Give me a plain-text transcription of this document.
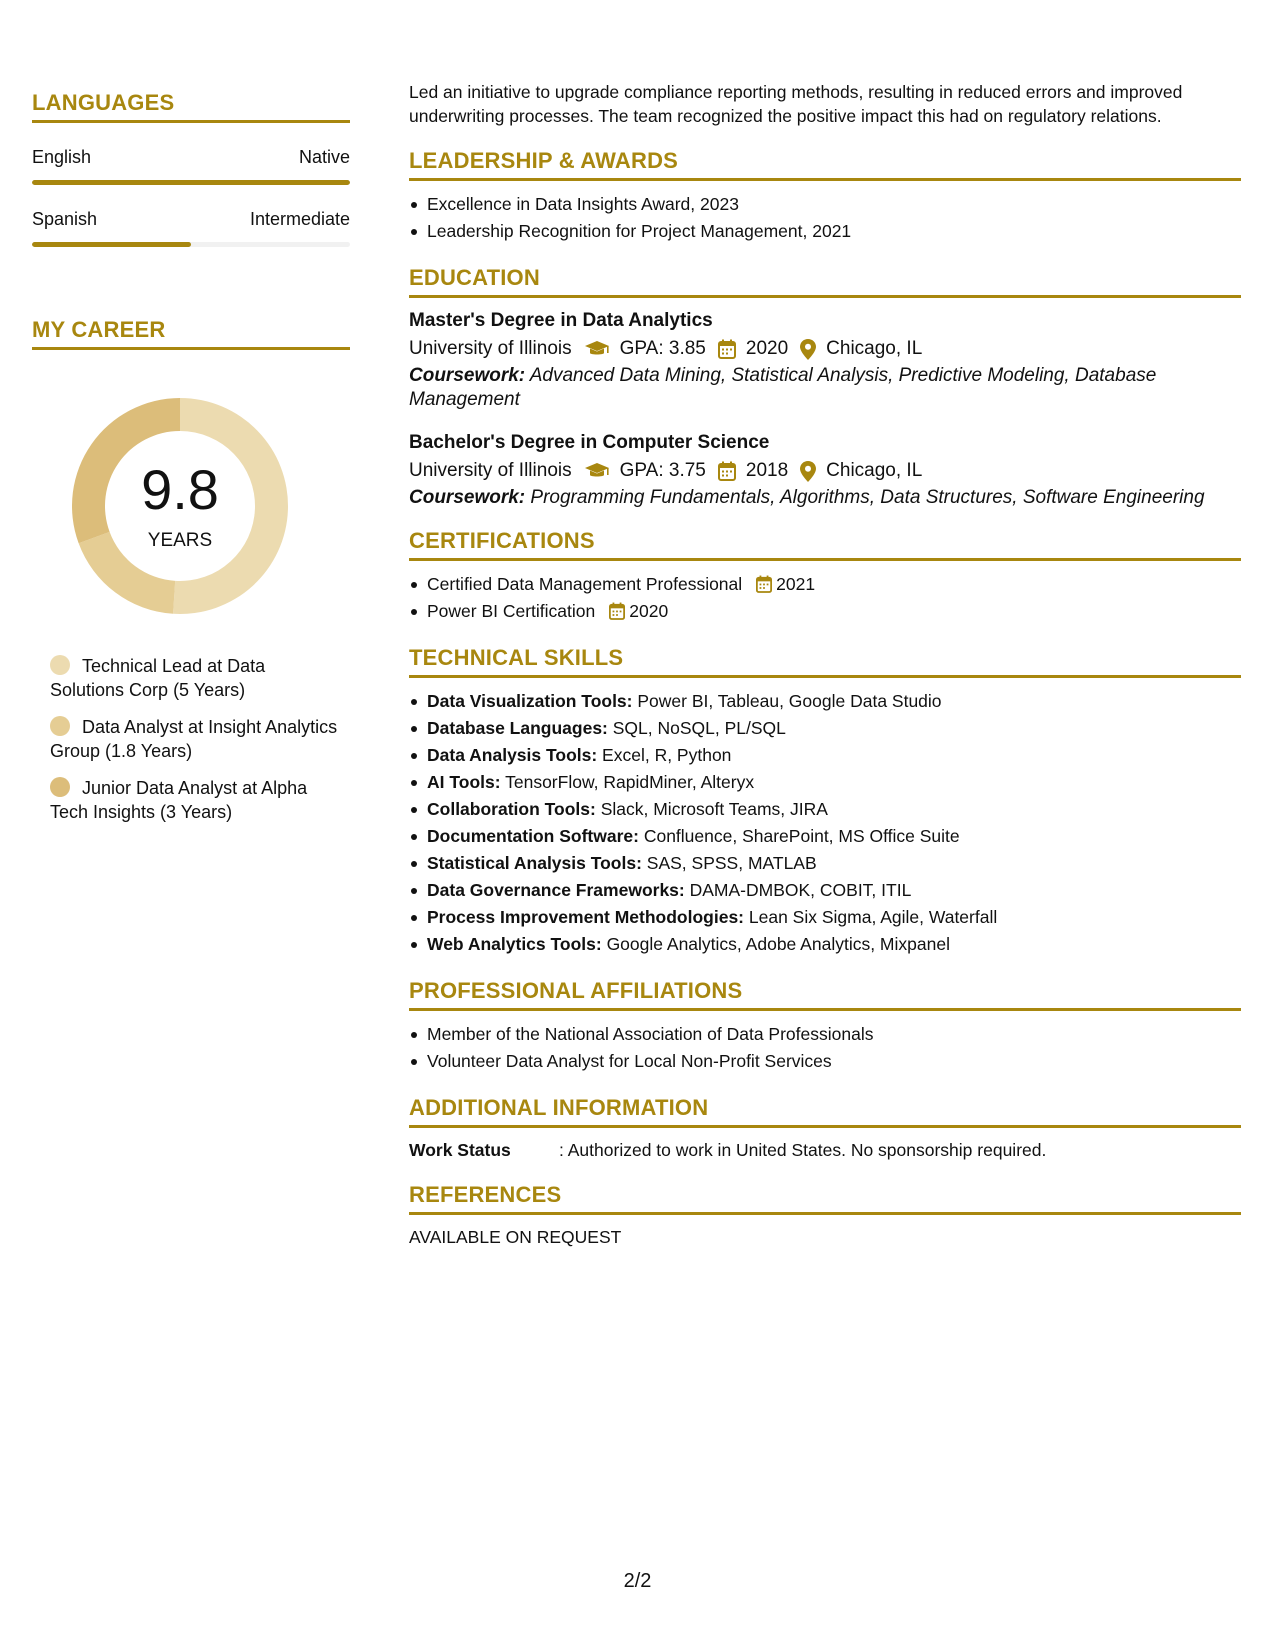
LANGUAGES
English	Native
Spanish	Intermediate
MY CAREER
9.8
YEARS
Technical Lead at Data Solutions Corp (5 Years)
Data Analyst at Insight Analytics Group (1.8 Years)
Junior Data Analyst at Alpha Tech Insights (3 Years)

Led an initiative to upgrade compliance reporting methods, resulting in reduced errors and improved underwriting processes. The team recognized the positive impact this had on regulatory relations.

LEADERSHIP & AWARDS
Excellence in Data Insights Award, 2023
Leadership Recognition for Project Management, 2021
EDUCATION
Master's Degree in Data Analytics
University of Illinois	GPA: 3.85 2020 Chicago, IL
Coursework: Advanced Data Mining, Statistical Analysis, Predictive Modeling, Database Management
Bachelor's Degree in Computer Science
University of Illinois	GPA: 3.75 2018 Chicago, IL
Coursework: Programming Fundamentals, Algorithms, Data Structures, Software Engineering
CERTIFICATIONS
Certified Data Management Professional 2021
Power BI Certification 2020
TECHNICAL SKILLS
Data Visualization Tools: Power BI, Tableau, Google Data Studio
Database Languages: SQL, NoSQL, PL/SQL
Data Analysis Tools: Excel, R, Python
AI Tools: TensorFlow, RapidMiner, Alteryx
Collaboration Tools: Slack, Microsoft Teams, JIRA
Documentation Software: Confluence, SharePoint, MS Office Suite
Statistical Analysis Tools: SAS, SPSS, MATLAB
Data Governance Frameworks: DAMA-DMBOK, COBIT, ITIL
Process Improvement Methodologies: Lean Six Sigma, Agile, Waterfall
Web Analytics Tools: Google Analytics, Adobe Analytics, Mixpanel
PROFESSIONAL AFFILIATIONS
Member of the National Association of Data Professionals
Volunteer Data Analyst for Local Non-Profit Services
ADDITIONAL INFORMATION
Work Status	: Authorized to work in United States. No sponsorship required.
REFERENCES
AVAILABLE ON REQUEST
2/2
